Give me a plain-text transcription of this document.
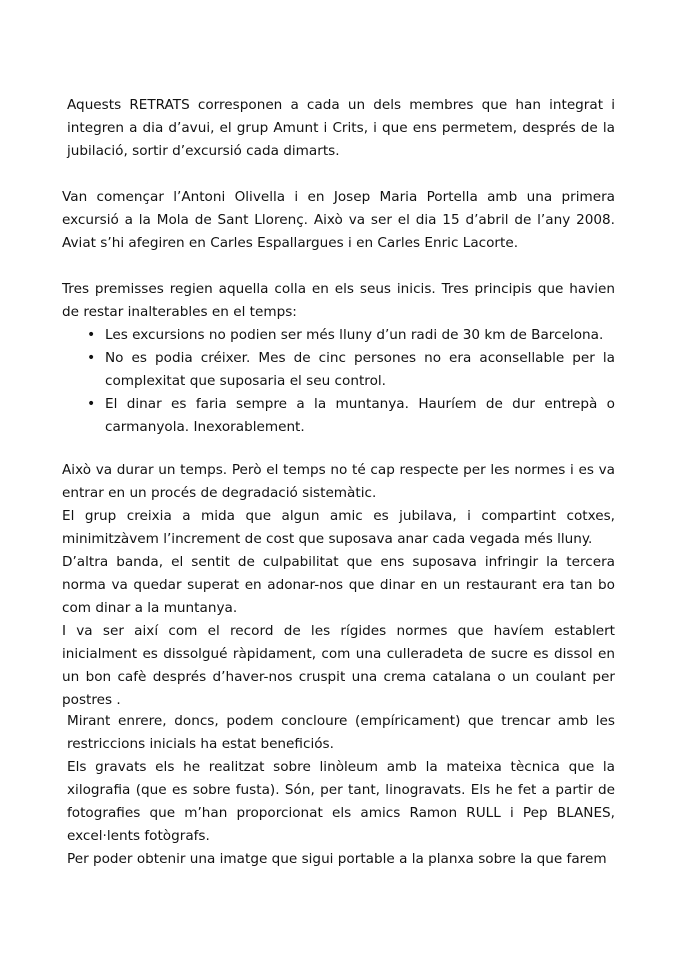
Aquests RETRATS corresponen a cada un dels membres que han integrat i integren a dia d’avui, el grup Amunt i Crits, i que ens permetem, després de la jubilació, sortir d’excursió cada dimarts.

Van començar l’Antoni Olivella i en Josep Maria Portella amb una primera excursió a la Mola de Sant Llorenç. Això va ser el dia 15 d’abril de l’any 2008. Aviat s’hi afegiren en Carles Espallargues i en Carles Enric Lacorte.

Tres premisses regien aquella colla en els seus inicis. Tres principis que havien de restar inalterables en el temps:

• Les excursions no podien ser més lluny d’un radi de 30 km de Barcelona.
• No es podia créixer. Mes de cinc persones no era aconsellable per la complexitat que suposaria el seu control.
• El dinar es faria sempre a la muntanya. Hauríem de dur entrepà o carmanyola. Inexorablement.

Això va durar un temps. Però el temps no té cap respecte per les normes i es va entrar en un procés de degradació sistemàtic.

El grup creixia a mida que algun amic es jubilava, i compartint cotxes, minimitzàvem l’increment de cost que suposava anar cada vegada més lluny.

D’altra banda, el sentit de culpabilitat que ens suposava infringir la tercera norma va quedar superat en adonar-nos que dinar en un restaurant era tan bo com dinar a la muntanya.

I va ser així com el record de les rígides normes que havíem establert inicialment es dissolgué ràpidament, com una culleradeta de sucre es dissol en un bon cafè després d’haver-nos cruspit una crema catalana o un coulant per postres .

Mirant enrere, doncs, podem concloure (empíricament) que trencar amb les restriccions inicials ha estat beneficiós.

Els gravats els he realitzat sobre linòleum amb la mateixa tècnica que la xilografia (que es sobre fusta). Són, per tant, linogravats. Els he fet a partir de fotografies que m’han proporcionat els amics Ramon RULL i Pep BLANES, excel·lents fotògrafs.

Per poder obtenir una imatge que sigui portable a la planxa sobre la que farem
